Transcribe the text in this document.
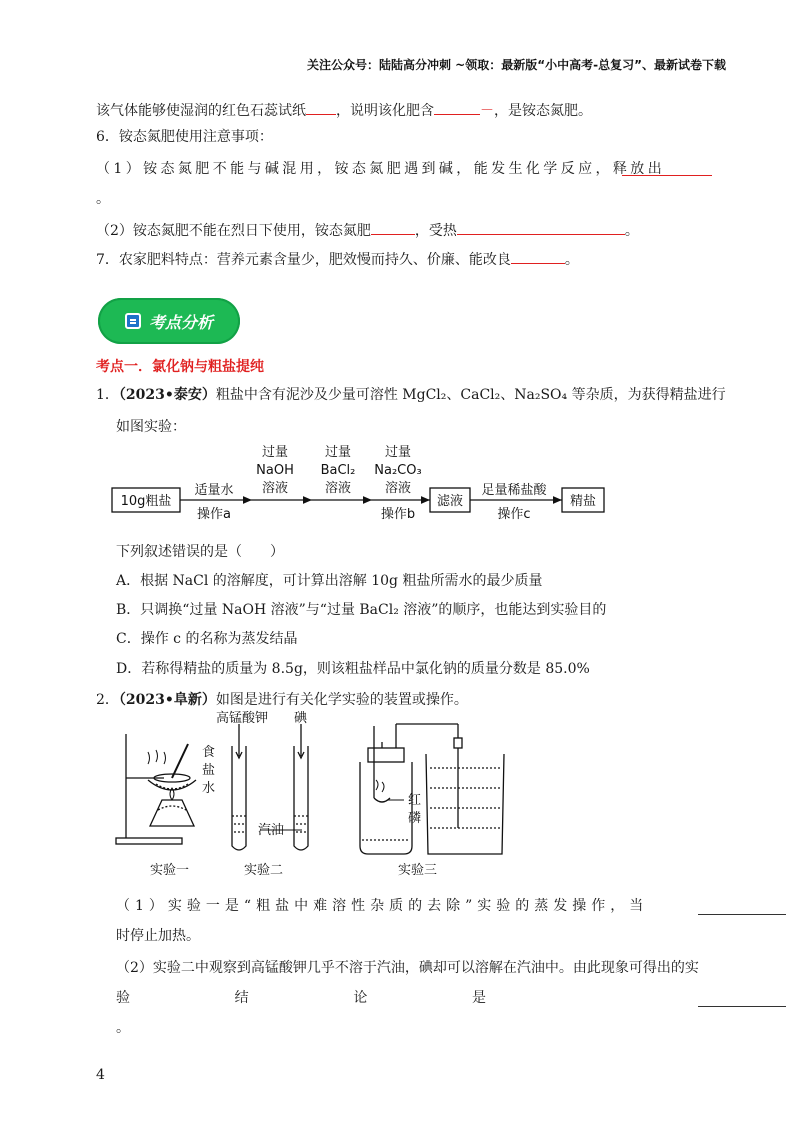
关注公众号：陆陆高分冲刺 ~领取：最新版“小中高考-总复习”、最新试卷下载
该气体能够使湿润的红色石蕊试纸 ，说明该化肥含	－，是铵态氮肥。
6．铵态氮肥使用注意事项：
（1）铵态氮肥不能与碱混用，铵态氮肥遇到碱，能发生化学反应，释放出
。
（2）铵态氮肥不能在烈日下使用，铵态氮肥	，受热	。
7．农家肥料特点：营养元素含量少，肥效慢而持久、价廉、能改良	。
考点分析
考点一．氯化钠与粗盐提纯
1．（2023•泰安）粗盐中含有泥沙及少量可溶性 MgCl₂、CaCl₂、Na₂SO₄ 等杂质，为获得精盐进行
如图实验：
10g粗盐
适量水
操作a
过量
NaOH
溶液
过量
BaCl₂
溶液
过量
Na₂CO₃
溶液
操作b
滤液
足量稀盐酸
操作c
精盐
下列叙述错误的是（　　）
A．根据 NaCl 的溶解度，可计算出溶解 10g 粗盐所需水的最少质量
B．只调换“过量 NaOH 溶液”与“过量 BaCl₂ 溶液”的顺序，也能达到实验目的
C．操作 c 的名称为蒸发结晶
D．若称得精盐的质量为 8.5g，则该粗盐样品中氯化钠的质量分数是 85.0%
2．（2023•阜新）如图是进行有关化学实验的装置或操作。
食
盐
水
高锰酸钾 碘
汽油
红
磷
实验一	实验二	实验三
（1）实验一是“粗盐中难溶性杂质的去除”实验的蒸发操作，当
时停止加热。
（2）实验二中观察到高锰酸钾几乎不溶于汽油，碘却可以溶解在汽油中。由此现象可得出的实
验	结	论	是
。
4
